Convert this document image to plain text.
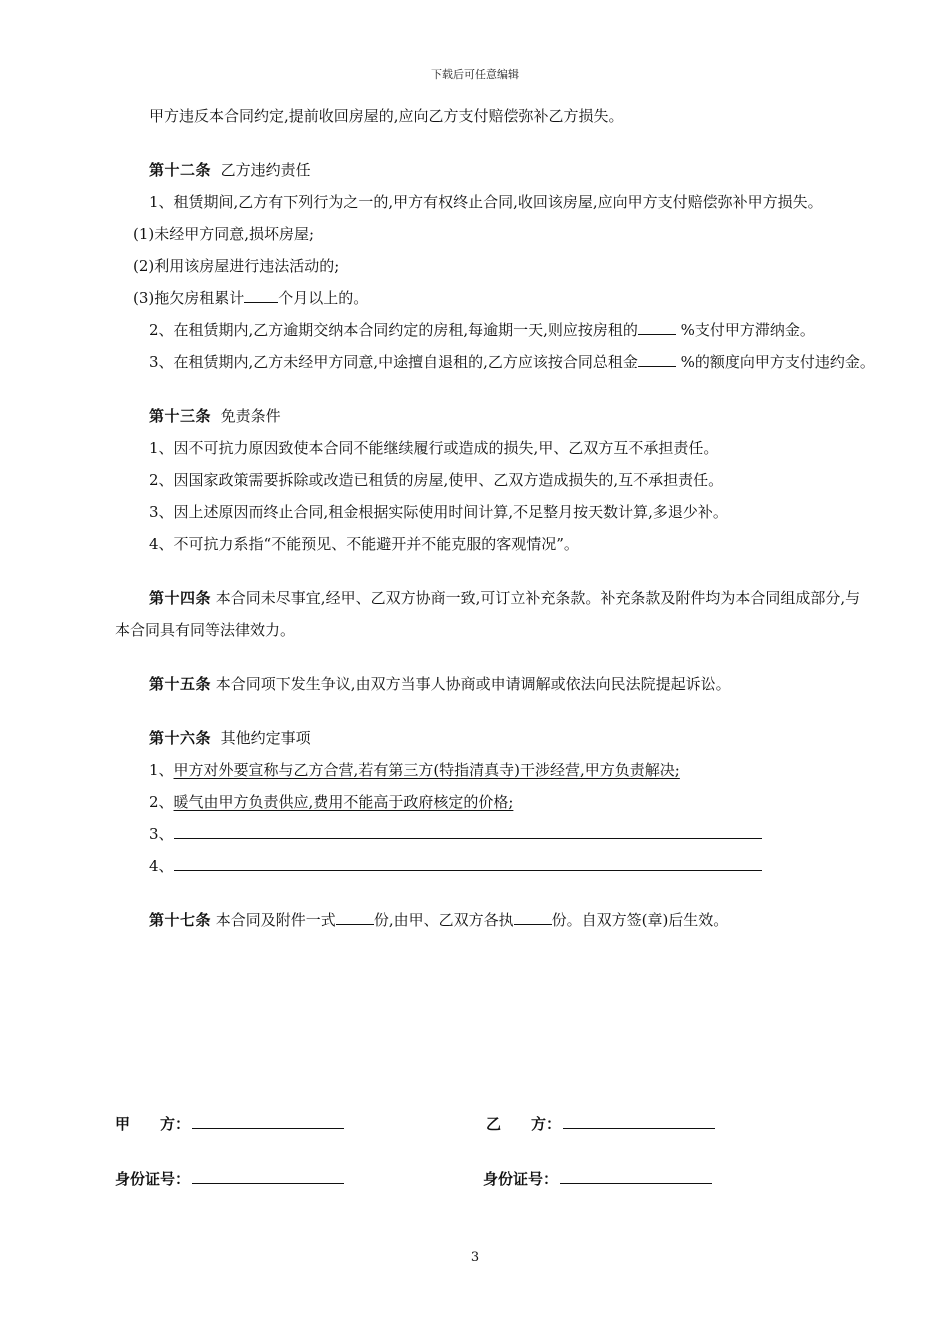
下载后可任意编辑

甲方违反本合同约定,提前收回房屋的,应向乙方支付赔偿弥补乙方损失。

第十二条 乙方违约责任

1、租赁期间,乙方有下列行为之一的,甲方有权终止合同,收回该房屋,应向甲方支付赔偿弥补甲方损失。

(1)未经甲方同意,损坏房屋;

(2)利用该房屋进行违法活动的;

(3)拖欠房租累计 个月以上的。

2、在租赁期内,乙方逾期交纳本合同约定的房租,每逾期一天,则应按房租的	%支付甲方滞纳金。

3、在租赁期内,乙方未经甲方同意,中途擅自退租的,乙方应该按合同总租金	%的额度向甲方支付违约金。

第十三条 免责条件

1、因不可抗力原因致使本合同不能继续履行或造成的损失,甲、乙双方互不承担责任。

2、因国家政策需要拆除或改造已租赁的房屋,使甲、乙双方造成损失的,互不承担责任。

3、因上述原因而终止合同,租金根据实际使用时间计算,不足整月按天数计算,多退少补。

4、不可抗力系指“不能预见、不能避开并不能克服的客观情况”。

第十四条 本合同未尽事宜,经甲、乙双方协商一致,可订立补充条款。补充条款及附件均为本合同组成部分,与本合同具有同等法律效力。

第十五条 本合同项下发生争议,由双方当事人协商或申请调解或依法向民法院提起诉讼。

第十六条 其他约定事项

1、甲方对外要宣称与乙方合营,若有第三方(特指清真寺)干涉经营,甲方负责解决;

2、暖气由甲方负责供应,费用不能高于政府核定的价格;

3、

4、

第十七条 本合同及附件一式	份,由甲、乙双方各执	份。自双方签(章)后生效。

甲　　方：	乙　　方：
身份证号：	身份证号：
3
